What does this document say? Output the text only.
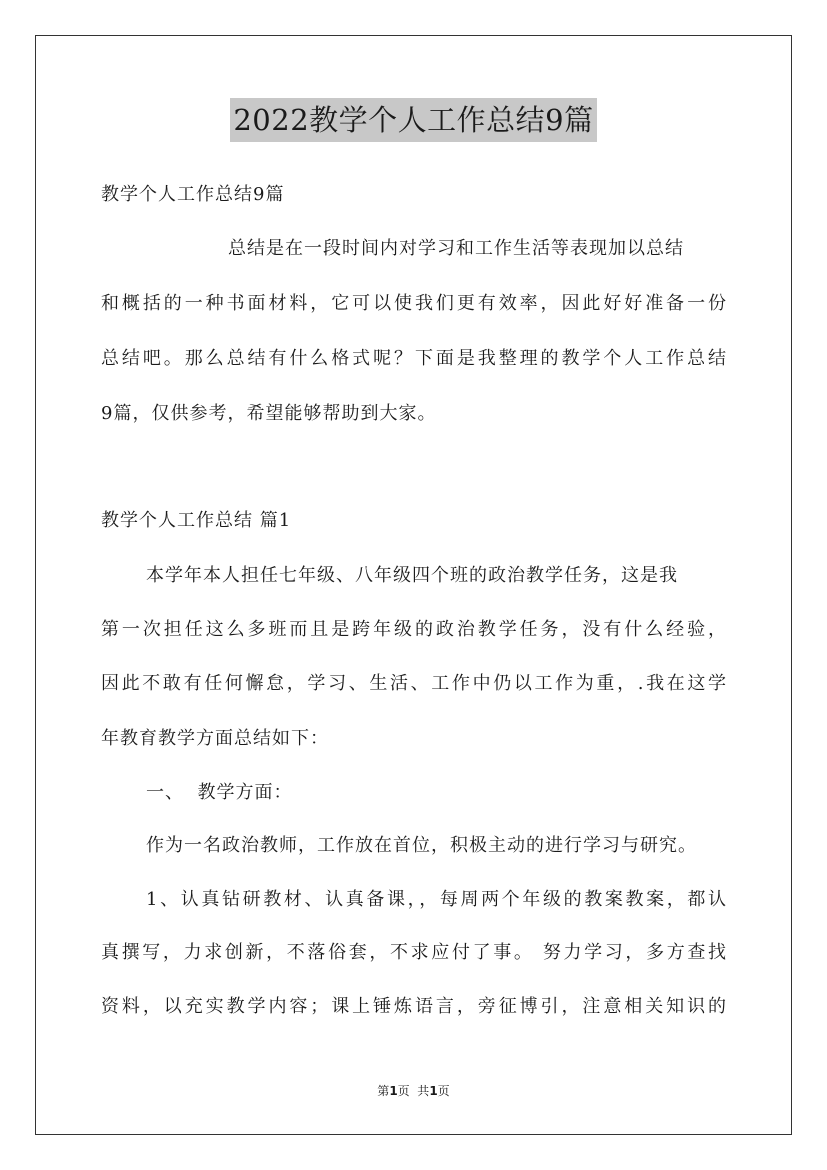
2022教学个人工作总结9篇
教学个人工作总结9篇
总结是在一段时间内对学习和工作生活等表现加以总结
和概括的一种书面材料，它可以使我们更有效率，因此好好准备一份
总结吧。那么总结有什么格式呢？下面是我整理的教学个人工作总结
9篇，仅供参考，希望能够帮助到大家。
教学个人工作总结 篇1
本学年本人担任七年级、八年级四个班的政治教学任务，这是我
第一次担任这么多班而且是跨年级的政治教学任务，没有什么经验，
因此不敢有任何懈怠，学习、生活、工作中仍以工作为重，.我在这学
年教育教学方面总结如下：
一、  教学方面：
作为一名政治教师，工作放在首位，积极主动的进行学习与研究。
1、认真钻研教材、认真备课，，每周两个年级的教案教案，都认
真撰写，力求创新，不落俗套，不求应付了事。 努力学习，多方查找
资料，以充实教学内容；课上锤炼语言，旁征博引，注意相关知识的
第1页  共1页
